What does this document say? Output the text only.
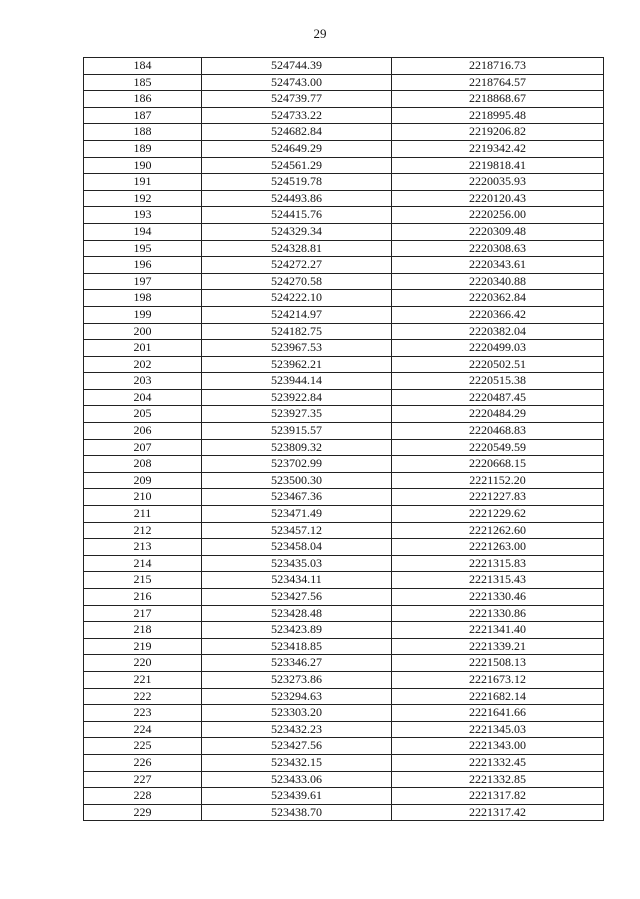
29
184	524744.39	2218716.73
185	524743.00	2218764.57
186	524739.77	2218868.67
187	524733.22	2218995.48
188	524682.84	2219206.82
189	524649.29	2219342.42
190	524561.29	2219818.41
191	524519.78	2220035.93
192	524493.86	2220120.43
193	524415.76	2220256.00
194	524329.34	2220309.48
195	524328.81	2220308.63
196	524272.27	2220343.61
197	524270.58	2220340.88
198	524222.10	2220362.84
199	524214.97	2220366.42
200	524182.75	2220382.04
201	523967.53	2220499.03
202	523962.21	2220502.51
203	523944.14	2220515.38
204	523922.84	2220487.45
205	523927.35	2220484.29
206	523915.57	2220468.83
207	523809.32	2220549.59
208	523702.99	2220668.15
209	523500.30	2221152.20
210	523467.36	2221227.83
211	523471.49	2221229.62
212	523457.12	2221262.60
213	523458.04	2221263.00
214	523435.03	2221315.83
215	523434.11	2221315.43
216	523427.56	2221330.46
217	523428.48	2221330.86
218	523423.89	2221341.40
219	523418.85	2221339.21
220	523346.27	2221508.13
221	523273.86	2221673.12
222	523294.63	2221682.14
223	523303.20	2221641.66
224	523432.23	2221345.03
225	523427.56	2221343.00
226	523432.15	2221332.45
227	523433.06	2221332.85
228	523439.61	2221317.82
229	523438.70	2221317.42
